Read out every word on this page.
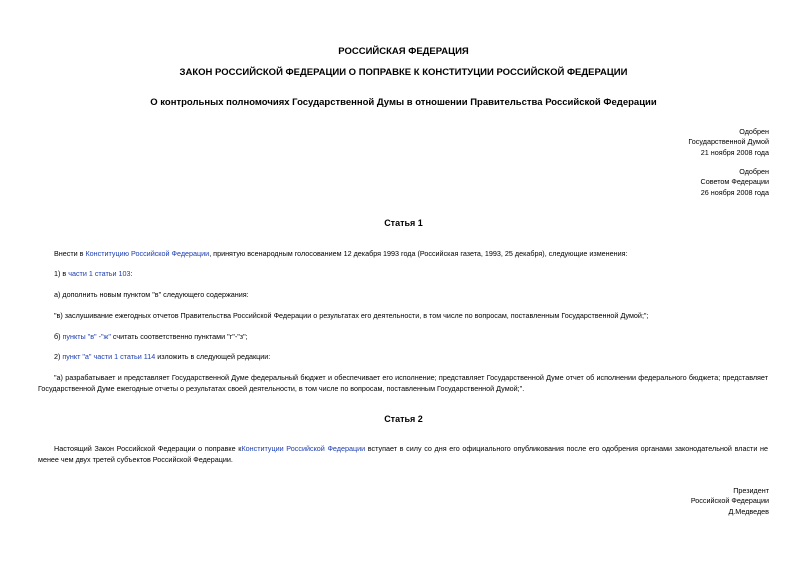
РОССИЙСКАЯ ФЕДЕРАЦИЯ
ЗАКОН РОССИЙСКОЙ ФЕДЕРАЦИИ О ПОПРАВКЕ К КОНСТИТУЦИИ РОССИЙСКОЙ ФЕДЕРАЦИИ
О контрольных полномочиях Государственной Думы в отношении Правительства Российской Федерации
Одобрен
Государственной Думой
21 ноября 2008 года
Одобрен
Советом Федерации
26 ноября 2008 года
Статья 1
Внести в Конституцию Российской Федерации, принятую всенародным голосованием 12 декабря 1993 года (Российская газета, 1993, 25 декабря), следующие изменения:
1) в части 1 статьи 103:
а) дополнить новым пунктом "в" следующего содержания:
"в) заслушивание ежегодных отчетов Правительства Российской Федерации о результатах его деятельности, в том числе по вопросам, поставленным Государственной Думой;";
б) пункты "в" -"ж" считать соответственно пунктами "г"-"з";
2) пункт "а" части 1 статьи 114 изложить в следующей редакции:
"а) разрабатывает и представляет Государственной Думе федеральный бюджет и обеспечивает его исполнение; представляет Государственной Думе отчет об исполнении федерального бюджета; представляет Государственной Думе ежегодные отчеты о результатах своей деятельности, в том числе по вопросам, поставленным Государственной Думой;".
Статья 2
Настоящий Закон Российской Федерации о поправке кКонституции Российской Федерации вступает в силу со дня его официального опубликования после его одобрения органами законодательной власти не менее чем двух третей субъектов Российской Федерации.
Президент
Российской Федерации
Д.Медведев
